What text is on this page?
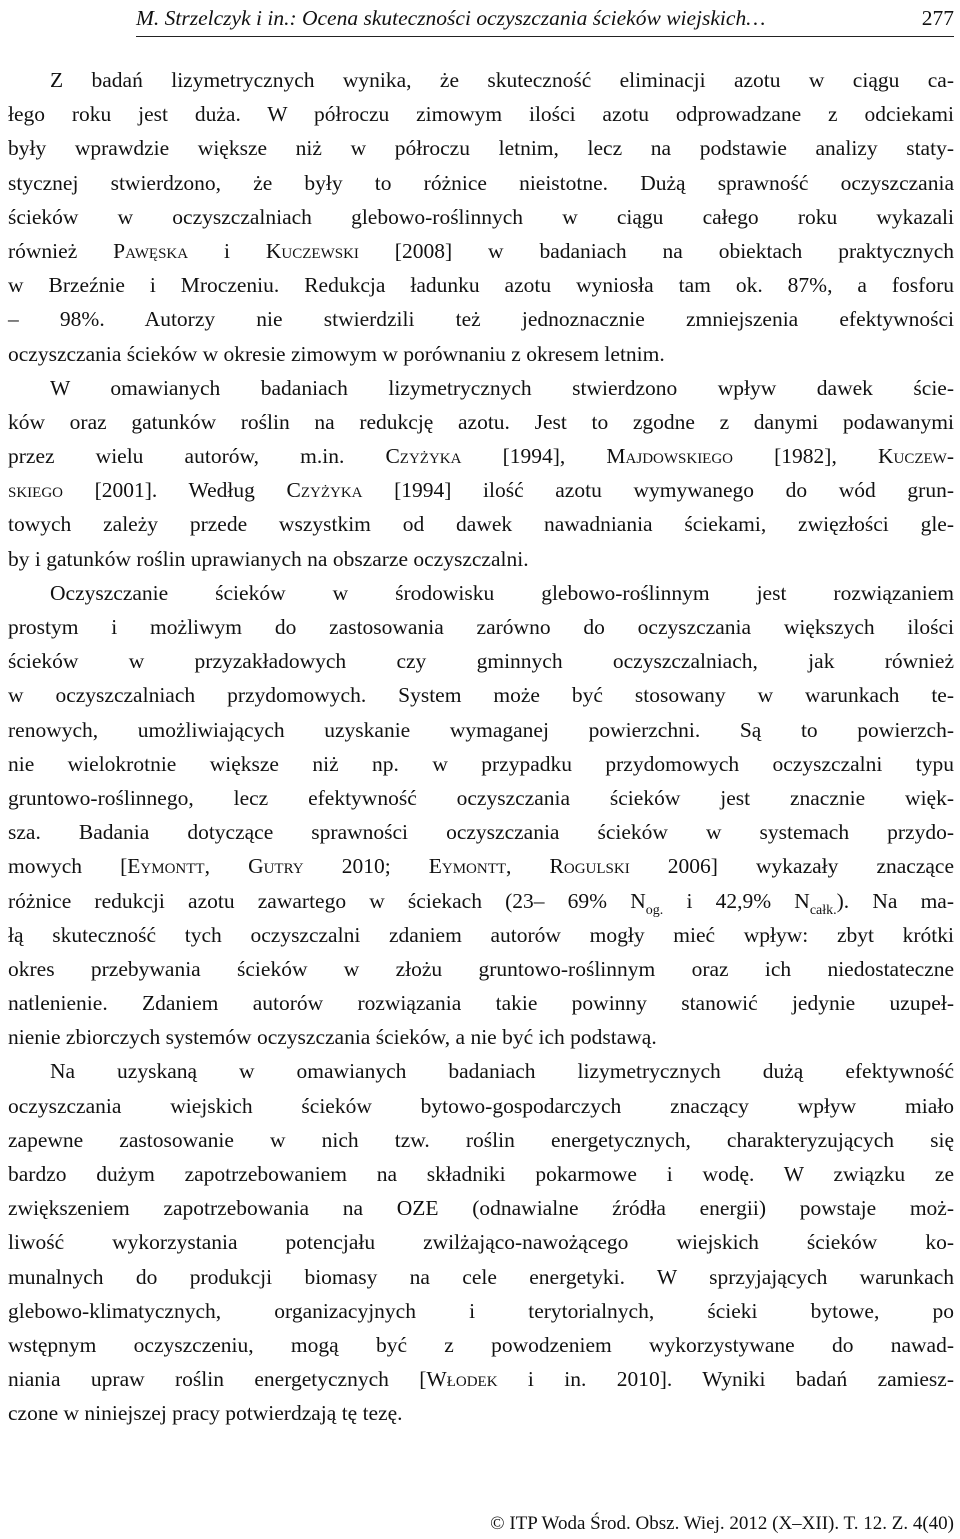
M. Strzelczyk i in.: Ocena skuteczności oczyszczania ścieków wiejskich…	277
Z badań lizymetrycznych wynika, że skuteczność eliminacji azotu w ciągu ca-
łego roku jest duża. W półroczu zimowym ilości azotu odprowadzane z odciekami
były wprawdzie większe niż w półroczu letnim, lecz na podstawie analizy staty-
stycznej stwierdzono, że były to różnice nieistotne. Dużą sprawność oczyszczania
ścieków w oczyszczalniach glebowo-roślinnych w ciągu całego roku wykazali
również Pawęska i Kuczewski [2008] w badaniach na obiektach praktycznych
w Brzeźnie i Mroczeniu. Redukcja ładunku azotu wyniosła tam ok. 87%, a fosforu
– 98%. Autorzy nie stwierdzili też jednoznacznie zmniejszenia efektywności
oczyszczania ścieków w okresie zimowym w porównaniu z okresem letnim.
W omawianych badaniach lizymetrycznych stwierdzono wpływ dawek ście-
ków oraz gatunków roślin na redukcję azotu. Jest to zgodne z danymi podawanymi
przez wielu autorów, m.in. Czyżyka [1994], Majdowskiego [1982], Kuczew-
skiego [2001]. Według Czyżyka [1994] ilość azotu wymywanego do wód grun-
towych zależy przede wszystkim od dawek nawadniania ściekami, zwięzłości gle-
by i gatunków roślin uprawianych na obszarze oczyszczalni.
Oczyszczanie ścieków w środowisku glebowo-roślinnym jest rozwiązaniem
prostym i możliwym do zastosowania zarówno do oczyszczania większych ilości
ścieków w przyzakładowych czy gminnych oczyszczalniach, jak również
w oczyszczalniach przydomowych. System może być stosowany w warunkach te-
renowych, umożliwiających uzyskanie wymaganej powierzchni. Są to powierzch-
nie wielokrotnie większe niż np. w przypadku przydomowych oczyszczalni typu
gruntowo-roślinnego, lecz efektywność oczyszczania ścieków jest znacznie więk-
sza. Badania dotyczące sprawności oczyszczania ścieków w systemach przydo-
mowych [Eymontt, Gutry 2010; Eymontt, Rogulski 2006] wykazały znaczące
różnice redukcji azotu zawartego w ściekach (23– 69% $N_{og.}$ i 42,9% $N_{całk.}$). Na ma-
łą skuteczność tych oczyszczalni zdaniem autorów mogły mieć wpływ: zbyt krótki
okres przebywania ścieków w złożu gruntowo-roślinnym oraz ich niedostateczne
natlenienie. Zdaniem autorów rozwiązania takie powinny stanowić jedynie uzupeł-
nienie zbiorczych systemów oczyszczania ścieków, a nie być ich podstawą.
Na uzyskaną w omawianych badaniach lizymetrycznych dużą efektywność
oczyszczania wiejskich ścieków bytowo-gospodarczych znaczący wpływ miało
zapewne zastosowanie w nich tzw. roślin energetycznych, charakteryzujących się
bardzo dużym zapotrzebowaniem na składniki pokarmowe i wodę. W związku ze
zwiększeniem zapotrzebowania na OZE (odnawialne źródła energii) powstaje moż-
liwość wykorzystania potencjału zwilżająco-nawożącego wiejskich ścieków ko-
munalnych do produkcji biomasy na cele energetyki. W sprzyjających warunkach
glebowo-klimatycznych, organizacyjnych i terytorialnych, ścieki bytowe, po
wstępnym oczyszczeniu, mogą być z powodzeniem wykorzystywane do nawad-
niania upraw roślin energetycznych [Włodek i in. 2010]. Wyniki badań zamiesz-
czone w niniejszej pracy potwierdzają tę tezę.
© ITP Woda Środ. Obsz. Wiej. 2012 (X–XII). T. 12. Z. 4(40)
